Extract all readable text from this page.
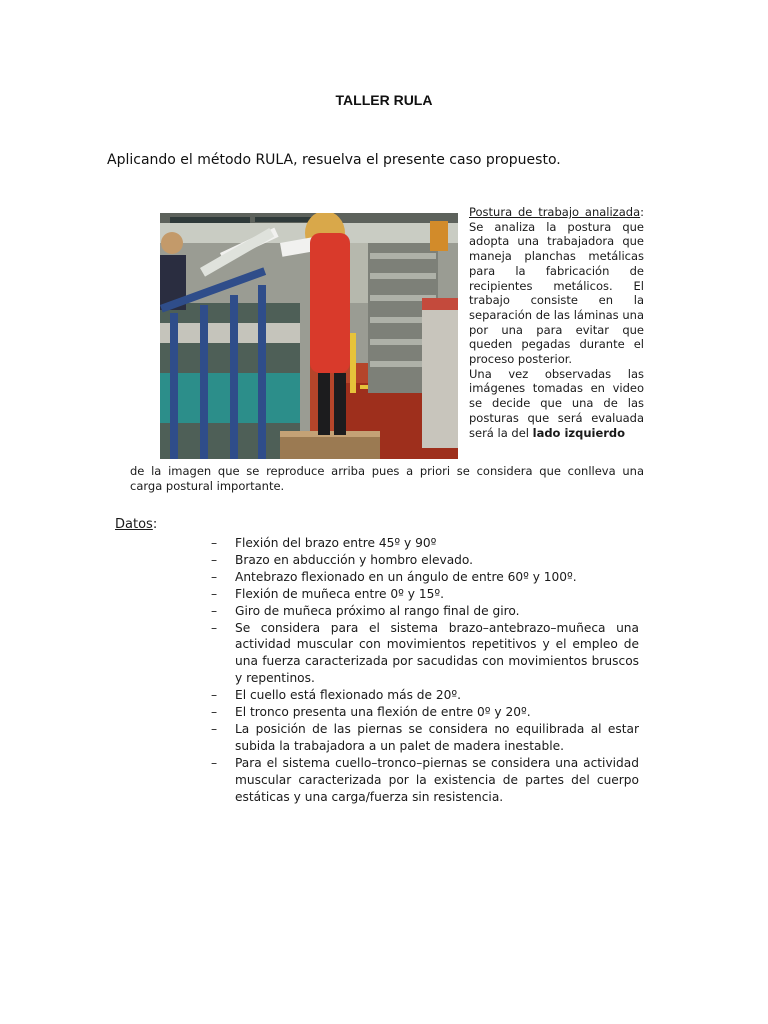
TALLER RULA
Aplicando el método RULA, resuelva el presente caso propuesto.
Postura de trabajo analizada: Se analiza la postura que adopta una trabajadora que maneja planchas metálicas para la fabricación de recipientes metálicos. El trabajo consiste en la separación de las láminas una por una para evitar que queden pegadas durante el proceso posterior.
Una vez observadas las imágenes tomadas en video se decide que una de las posturas que será evaluada será la del lado izquierdo
de la imagen que se reproduce arriba pues a priori se considera que conlleva una
carga postural importante.
Datos:
– Flexión del brazo entre 45º y 90º
– Brazo en abducción y hombro elevado.
– Antebrazo flexionado en un ángulo de entre 60º y 100º.
– Flexión de muñeca entre 0º y 15º.
– Giro de muñeca próximo al rango final de giro.
– Se considera para el sistema brazo–antebrazo–muñeca una actividad muscular con movimientos repetitivos y el empleo de una fuerza caracterizada por sacudidas con movimientos bruscos y repentinos.
– El cuello está flexionado más de 20º.
– El tronco presenta una flexión de entre 0º y 20º.
– La posición de las piernas se considera no equilibrada al estar subida la trabajadora a un palet de madera inestable.
– Para el sistema cuello–tronco–piernas se considera una actividad muscular caracterizada por la existencia de partes del cuerpo estáticas y una carga/fuerza sin resistencia.
